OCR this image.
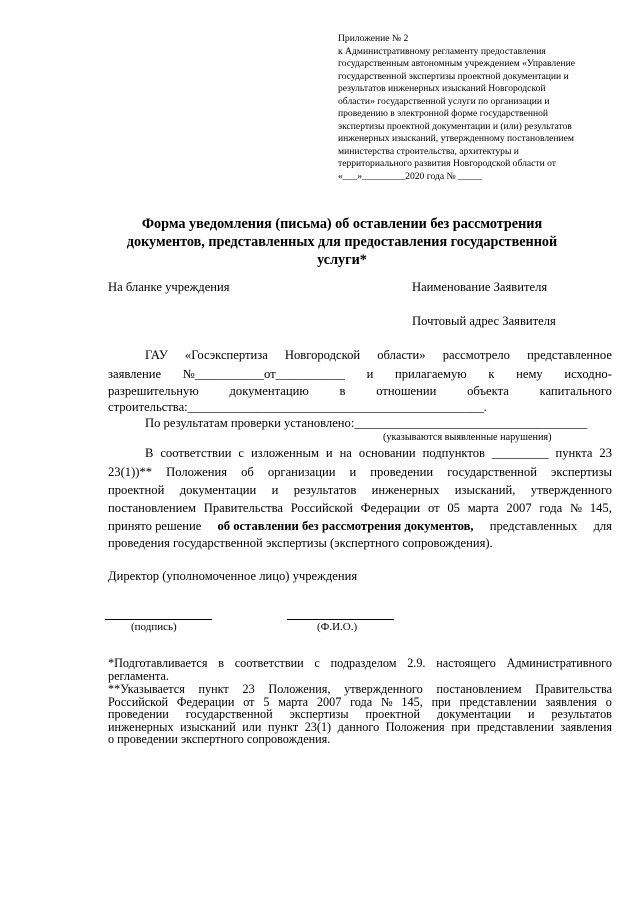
Приложение № 2
к Административному регламенту предоставления
государственным автономным учреждением «Управление
государственной экспертизы проектной документации и
результатов инженерных изысканий Новгородской
области» государственной услуги по организации и
проведению в электронной форме государственной
экспертизы проектной документации и (или) результатов
инженерных изысканий, утвержденному постановлением
министерства строительства, архитектуры и
территориального развития Новгородской области от
«___»_________2020 года № _____
Форма уведомления (письма) об оставлении без рассмотрения
документов, представленных для предоставления государственной
услуги*
На бланке учреждения	Наименование Заявителя
Почтовый адрес Заявителя
ГАУ «Госэкспертиза Новгородской области» рассмотрело представленное
заявление №___________от___________ и прилагаемую к нему исходно-
разрешительную документацию в отношении объекта капитального
строительства:_______________________________________________.
По результатам проверки установлено:_____________________________________
(указываются выявленные нарушения)
В соответствии с изложенным и на основании подпунктов _________ пункта 23
23(1))** Положения об организации и проведении государственной экспертизы
проектной документации и результатов инженерных изысканий, утвержденного
постановлением Правительства Российской Федерации от 05 марта 2007 года № 145,
принято решение об оставлении без рассмотрения документов, представленных для
проведения государственной экспертизы (экспертного сопровождения).
Директор (уполномоченное лицо) учреждения
(подпись)	(Ф.И.О.)
*Подготавливается в соответствии с подразделом 2.9. настоящего Административного
регламента.
**Указывается пункт 23 Положения, утвержденного постановлением Правительства
Российской Федерации от 5 марта 2007 года № 145, при представлении заявления о
проведении государственной экспертизы проектной документации и результатов
инженерных изысканий или пункт 23(1) данного Положения при представлении заявления
о проведении экспертного сопровождения.
